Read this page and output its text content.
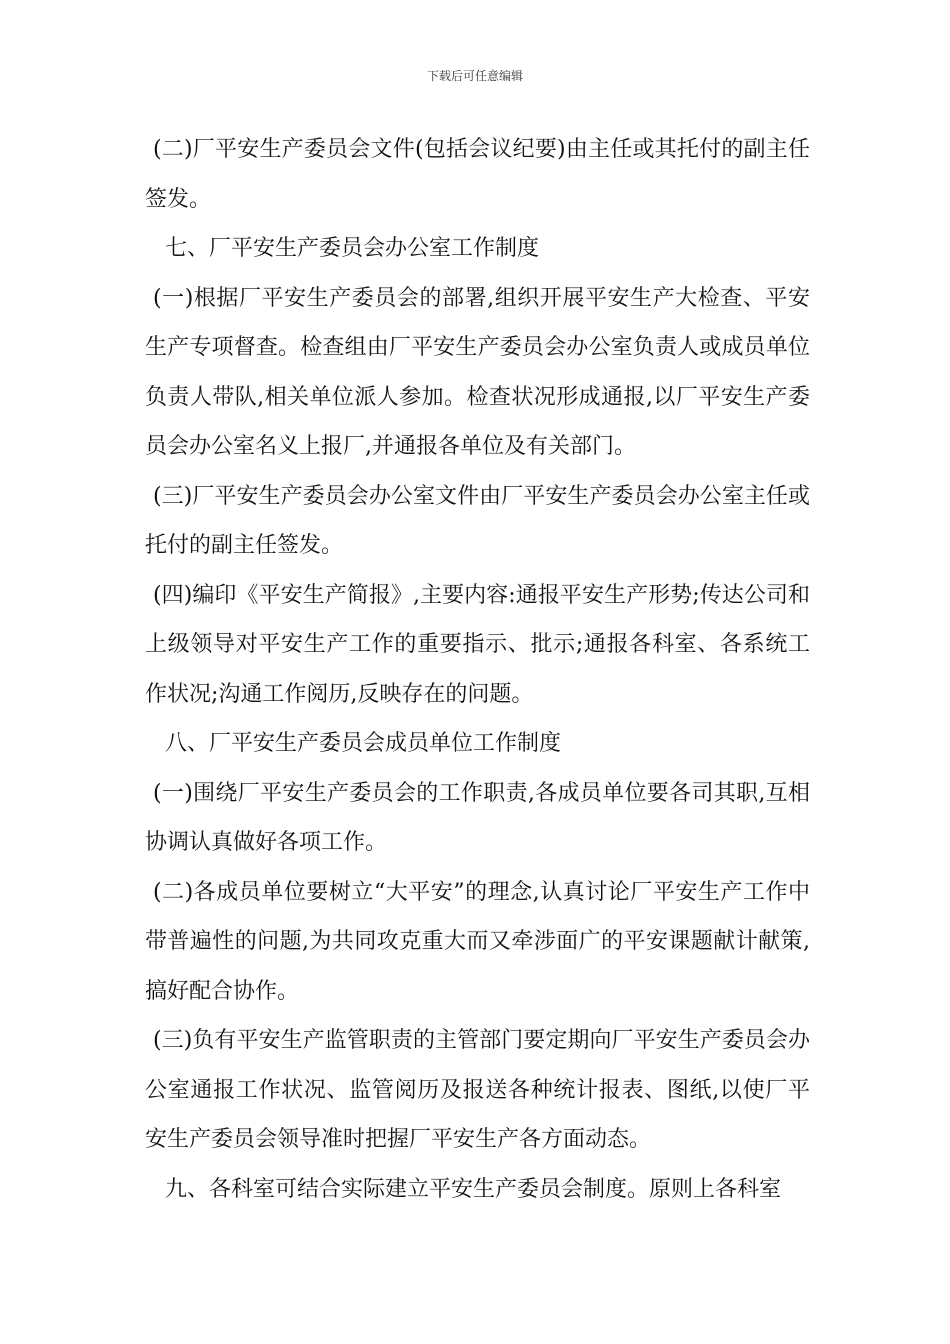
下载后可任意编辑

(二)厂平安生产委员会文件(包括会议纪要)由主任或其托付的副主任签发。

七、厂平安生产委员会办公室工作制度

(一)根据厂平安生产委员会的部署,组织开展平安生产大检查、平安生产专项督查。检查组由厂平安生产委员会办公室负责人或成员单位负责人带队,相关单位派人参加。检查状况形成通报,以厂平安生产委员会办公室名义上报厂,并通报各单位及有关部门。

(三)厂平安生产委员会办公室文件由厂平安生产委员会办公室主任或托付的副主任签发。

(四)编印《平安生产简报》,主要内容:通报平安生产形势;传达公司和上级领导对平安生产工作的重要指示、批示;通报各科室、各系统工作状况;沟通工作阅历,反映存在的问题。

八、厂平安生产委员会成员单位工作制度

(一)围绕厂平安生产委员会的工作职责,各成员单位要各司其职,互相协调认真做好各项工作。

(二)各成员单位要树立“大平安”的理念,认真讨论厂平安生产工作中带普遍性的问题,为共同攻克重大而又牵涉面广的平安课题献计献策,搞好配合协作。

(三)负有平安生产监管职责的主管部门要定期向厂平安生产委员会办公室通报工作状况、监管阅历及报送各种统计报表、图纸,以使厂平安生产委员会领导准时把握厂平安生产各方面动态。

九、各科室可结合实际建立平安生产委员会制度。原则上各科室
